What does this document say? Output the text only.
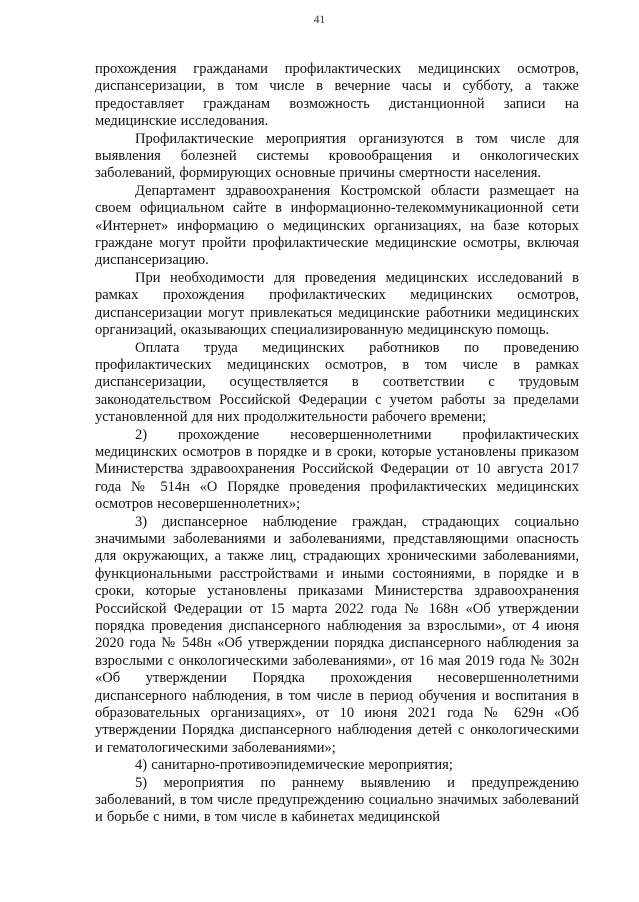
41

прохождения гражданами профилактических медицинских осмотров, диспансеризации, в том числе в вечерние часы и субботу, а также предоставляет гражданам возможность дистанционной записи на медицинские исследования.

Профилактические мероприятия организуются в том числе для выявления болезней системы кровообращения и онкологических заболеваний, формирующих основные причины смертности населения.

Департамент здравоохранения Костромской области размещает на своем официальном сайте в информационно-телекоммуникационной сети «Интернет» информацию о медицинских организациях, на базе которых граждане могут пройти профилактические медицинские осмотры, включая диспансеризацию.

При необходимости для проведения медицинских исследований в рамках прохождения профилактических медицинских осмотров, диспансеризации могут привлекаться медицинские работники медицинских организаций, оказывающих специализированную медицинскую помощь.

Оплата труда медицинских работников по проведению профилактических медицинских осмотров, в том числе в рамках диспансеризации, осуществляется в соответствии с трудовым законодательством Российской Федерации с учетом работы за пределами установленной для них продолжительности рабочего времени;

2) прохождение несовершеннолетними профилактических медицинских осмотров в порядке и в сроки, которые установлены приказом Министерства здравоохранения Российской Федерации от 10 августа 2017 года № 514н «О Порядке проведения профилактических медицинских осмотров несовершеннолетних»;

3) диспансерное наблюдение граждан, страдающих социально значимыми заболеваниями и заболеваниями, представляющими опасность для окружающих, а также лиц, страдающих хроническими заболеваниями, функциональными расстройствами и иными состояниями, в порядке и в сроки, которые установлены приказами Министерства здравоохранения Российской Федерации от 15 марта 2022 года № 168н «Об утверждении порядка проведения диспансерного наблюдения за взрослыми», от 4 июня 2020 года № 548н «Об утверждении порядка диспансерного наблюдения за взрослыми с онкологическими заболеваниями», от 16 мая 2019 года № 302н «Об утверждении Порядка прохождения несовершеннолетними диспансерного наблюдения, в том числе в период обучения и воспитания в образовательных организациях», от 10 июня 2021 года № 629н «Об утверждении Порядка диспансерного наблюдения детей с онкологическими и гематологическими заболеваниями»;

4) санитарно-противоэпидемические мероприятия;

5) мероприятия по раннему выявлению и предупреждению заболеваний, в том числе предупреждению социально значимых заболеваний и борьбе с ними, в том числе в кабинетах медицинской
